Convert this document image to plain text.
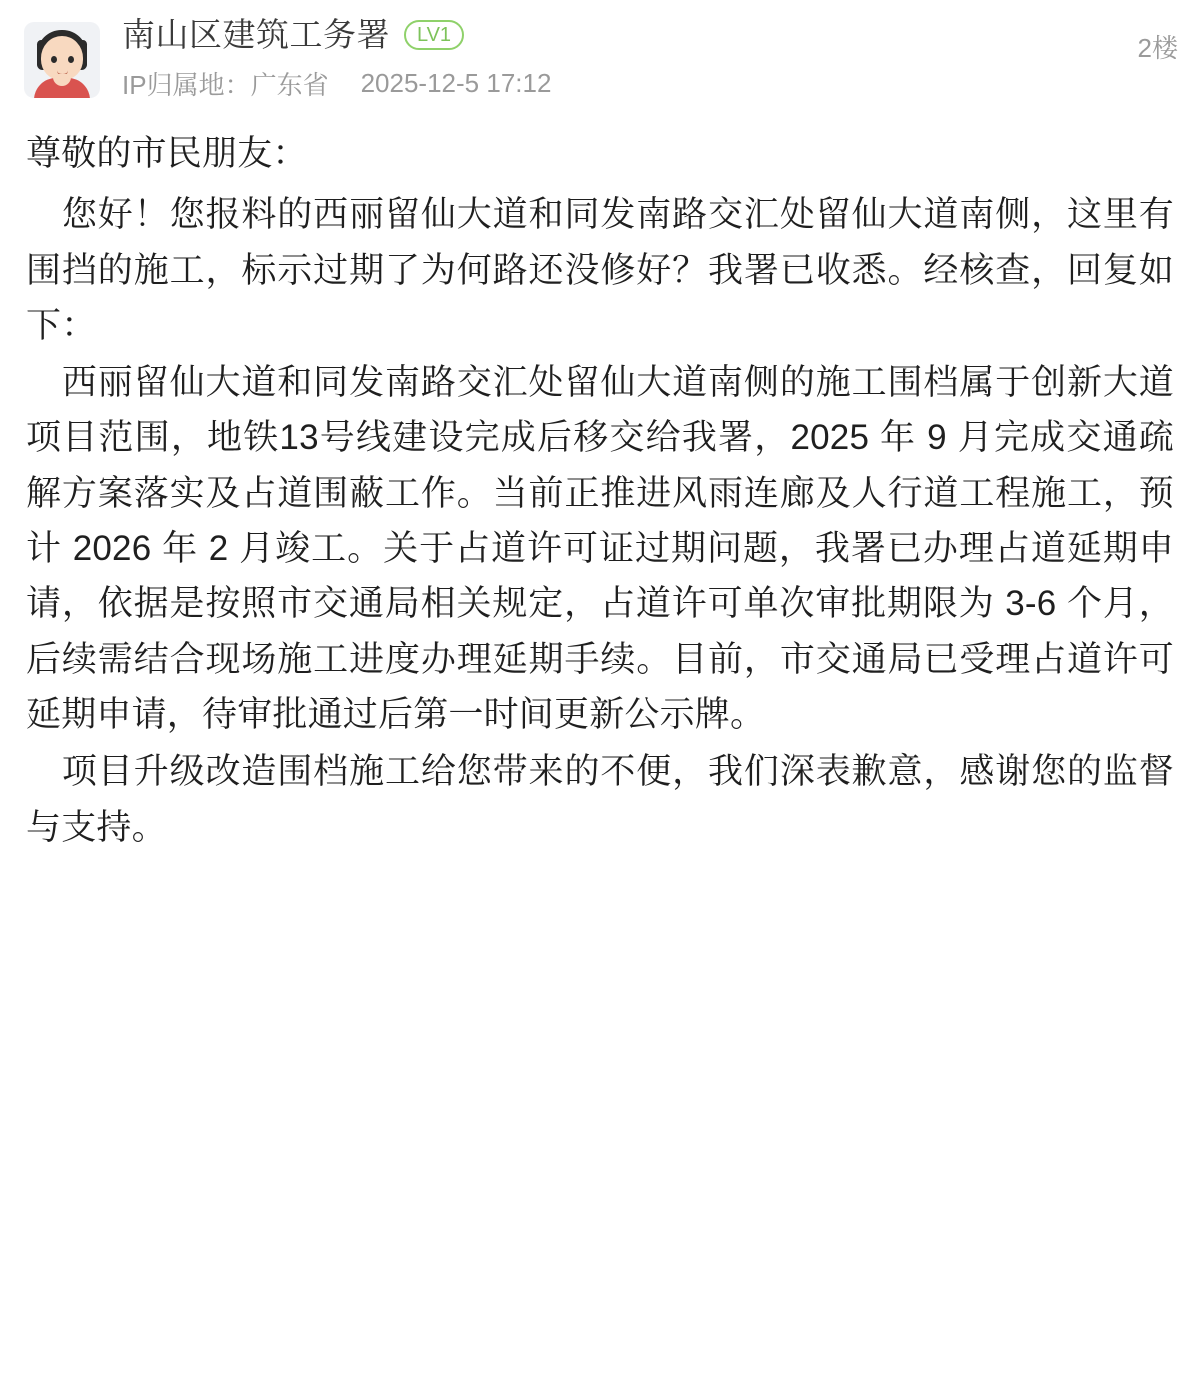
南山区建筑工务署	LV1
IP归属地：广东省 2025-12-5 17:12
2楼

尊敬的市民朋友：

　您好！您报料的西丽留仙大道和同发南路交汇处留仙大道南侧，这里有围挡的施工，标示过期了为何路还没修好？我署已收悉。经核查，回复如下：

　西丽留仙大道和同发南路交汇处留仙大道南侧的施工围档属于创新大道项目范围，地铁13号线建设完成后移交给我署，2025 年 9 月完成交通疏解方案落实及占道围蔽工作。当前正推进风雨连廊及人行道工程施工，预计 2026 年 2 月竣工。关于占道许可证过期问题，我署已办理占道延期申请，依据是按照市交通局相关规定，占道许可单次审批期限为 3-6 个月，后续需结合现场施工进度办理延期手续。目前，市交通局已受理占道许可延期申请，待审批通过后第一时间更新公示牌。

　项目升级改造围档施工给您带来的不便，我们深表歉意，感谢您的监督与支持。
